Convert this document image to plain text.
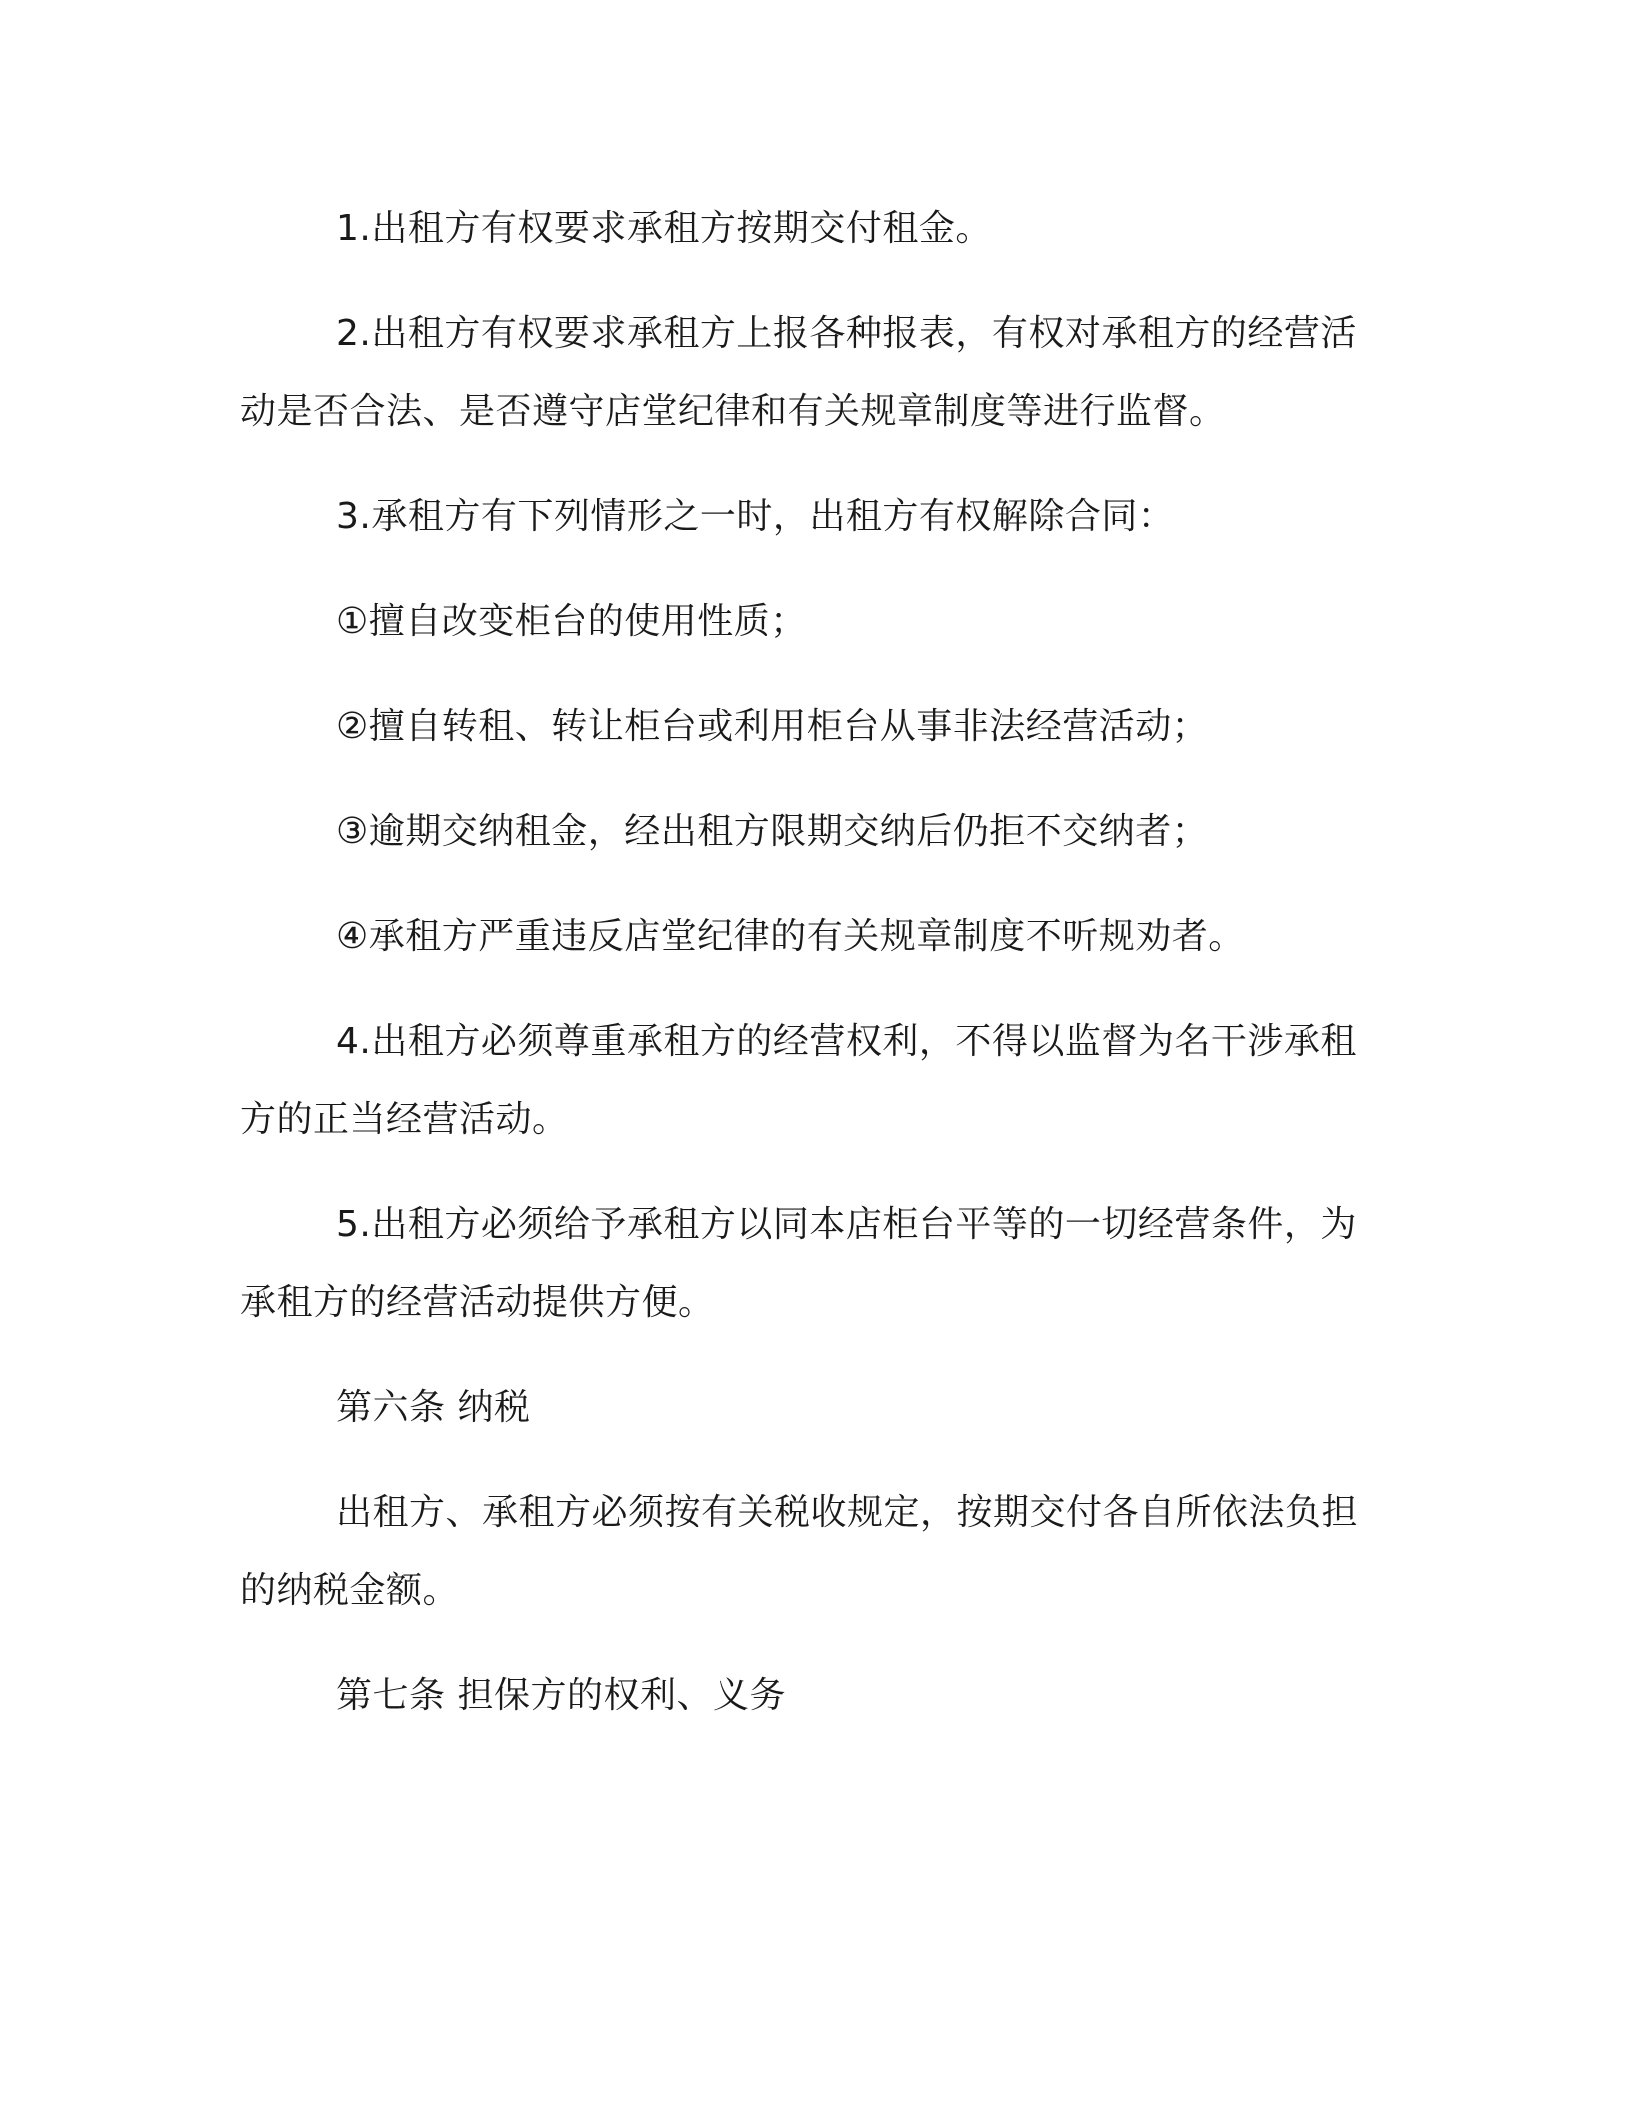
1.出租方有权要求承租方按期交付租金。

2.出租方有权要求承租方上报各种报表，有权对承租方的经营活动是否合法、是否遵守店堂纪律和有关规章制度等进行监督。

3.承租方有下列情形之一时，出租方有权解除合同：

①擅自改变柜台的使用性质；

②擅自转租、转让柜台或利用柜台从事非法经营活动；

③逾期交纳租金，经出租方限期交纳后仍拒不交纳者；

④承租方严重违反店堂纪律的有关规章制度不听规劝者。

4.出租方必须尊重承租方的经营权利，不得以监督为名干涉承租方的正当经营活动。

5.出租方必须给予承租方以同本店柜台平等的一切经营条件，为承租方的经营活动提供方便。

第六条 纳税

出租方、承租方必须按有关税收规定，按期交付各自所依法负担的纳税金额。

第七条 担保方的权利、义务
